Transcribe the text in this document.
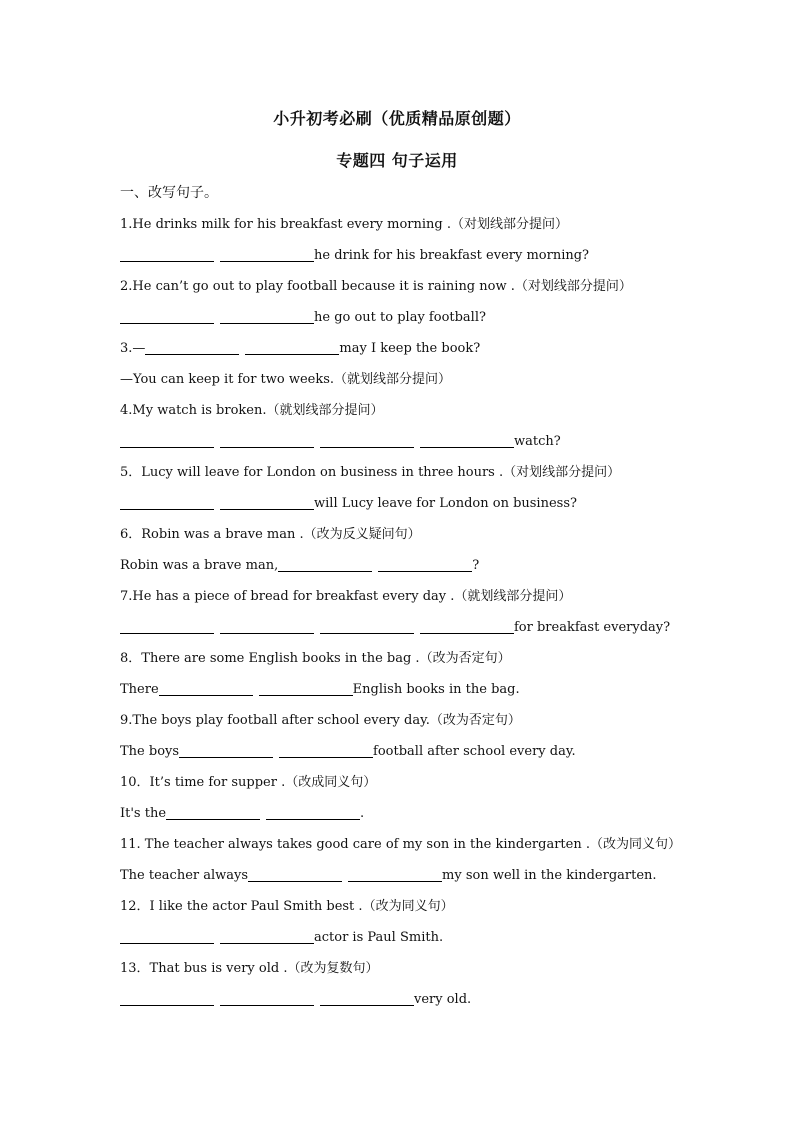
小升初考必刷（优质精品原创题）
专题四 句子运用
一、改写句子。
1.He drinks milk for his breakfast every morning .（对划线部分提问）
he drink for his breakfast every morning?
2.He can’t go out to play football because it is raining now .（对划线部分提问）
he go out to play football?
3.—	may I keep the book?
—You can keep it for two weeks.（就划线部分提问）
4.My watch is broken.（就划线部分提问）
watch?
5．Lucy will leave for London on business in three hours .（对划线部分提问）
will Lucy leave for London on business?
6．Robin was a brave man .（改为反义疑问句）
Robin was a brave man,	?
7.He has a piece of bread for breakfast every day .（就划线部分提问）
for breakfast everyday?
8．There are some English books in the bag .（改为否定句）
There	English books in the bag.
9.The boys play football after school every day.（改为否定句）
The boys	football after school every day.
10．It’s time for supper .（改成同义句）
It's the	.
11. The teacher always takes good care of my son in the kindergarten .（改为同义句）
The teacher always	my son well in the kindergarten.
12．I like the actor Paul Smith best .（改为同义句）
actor is Paul Smith.
13．That bus is very old .（改为复数句）
very old.
